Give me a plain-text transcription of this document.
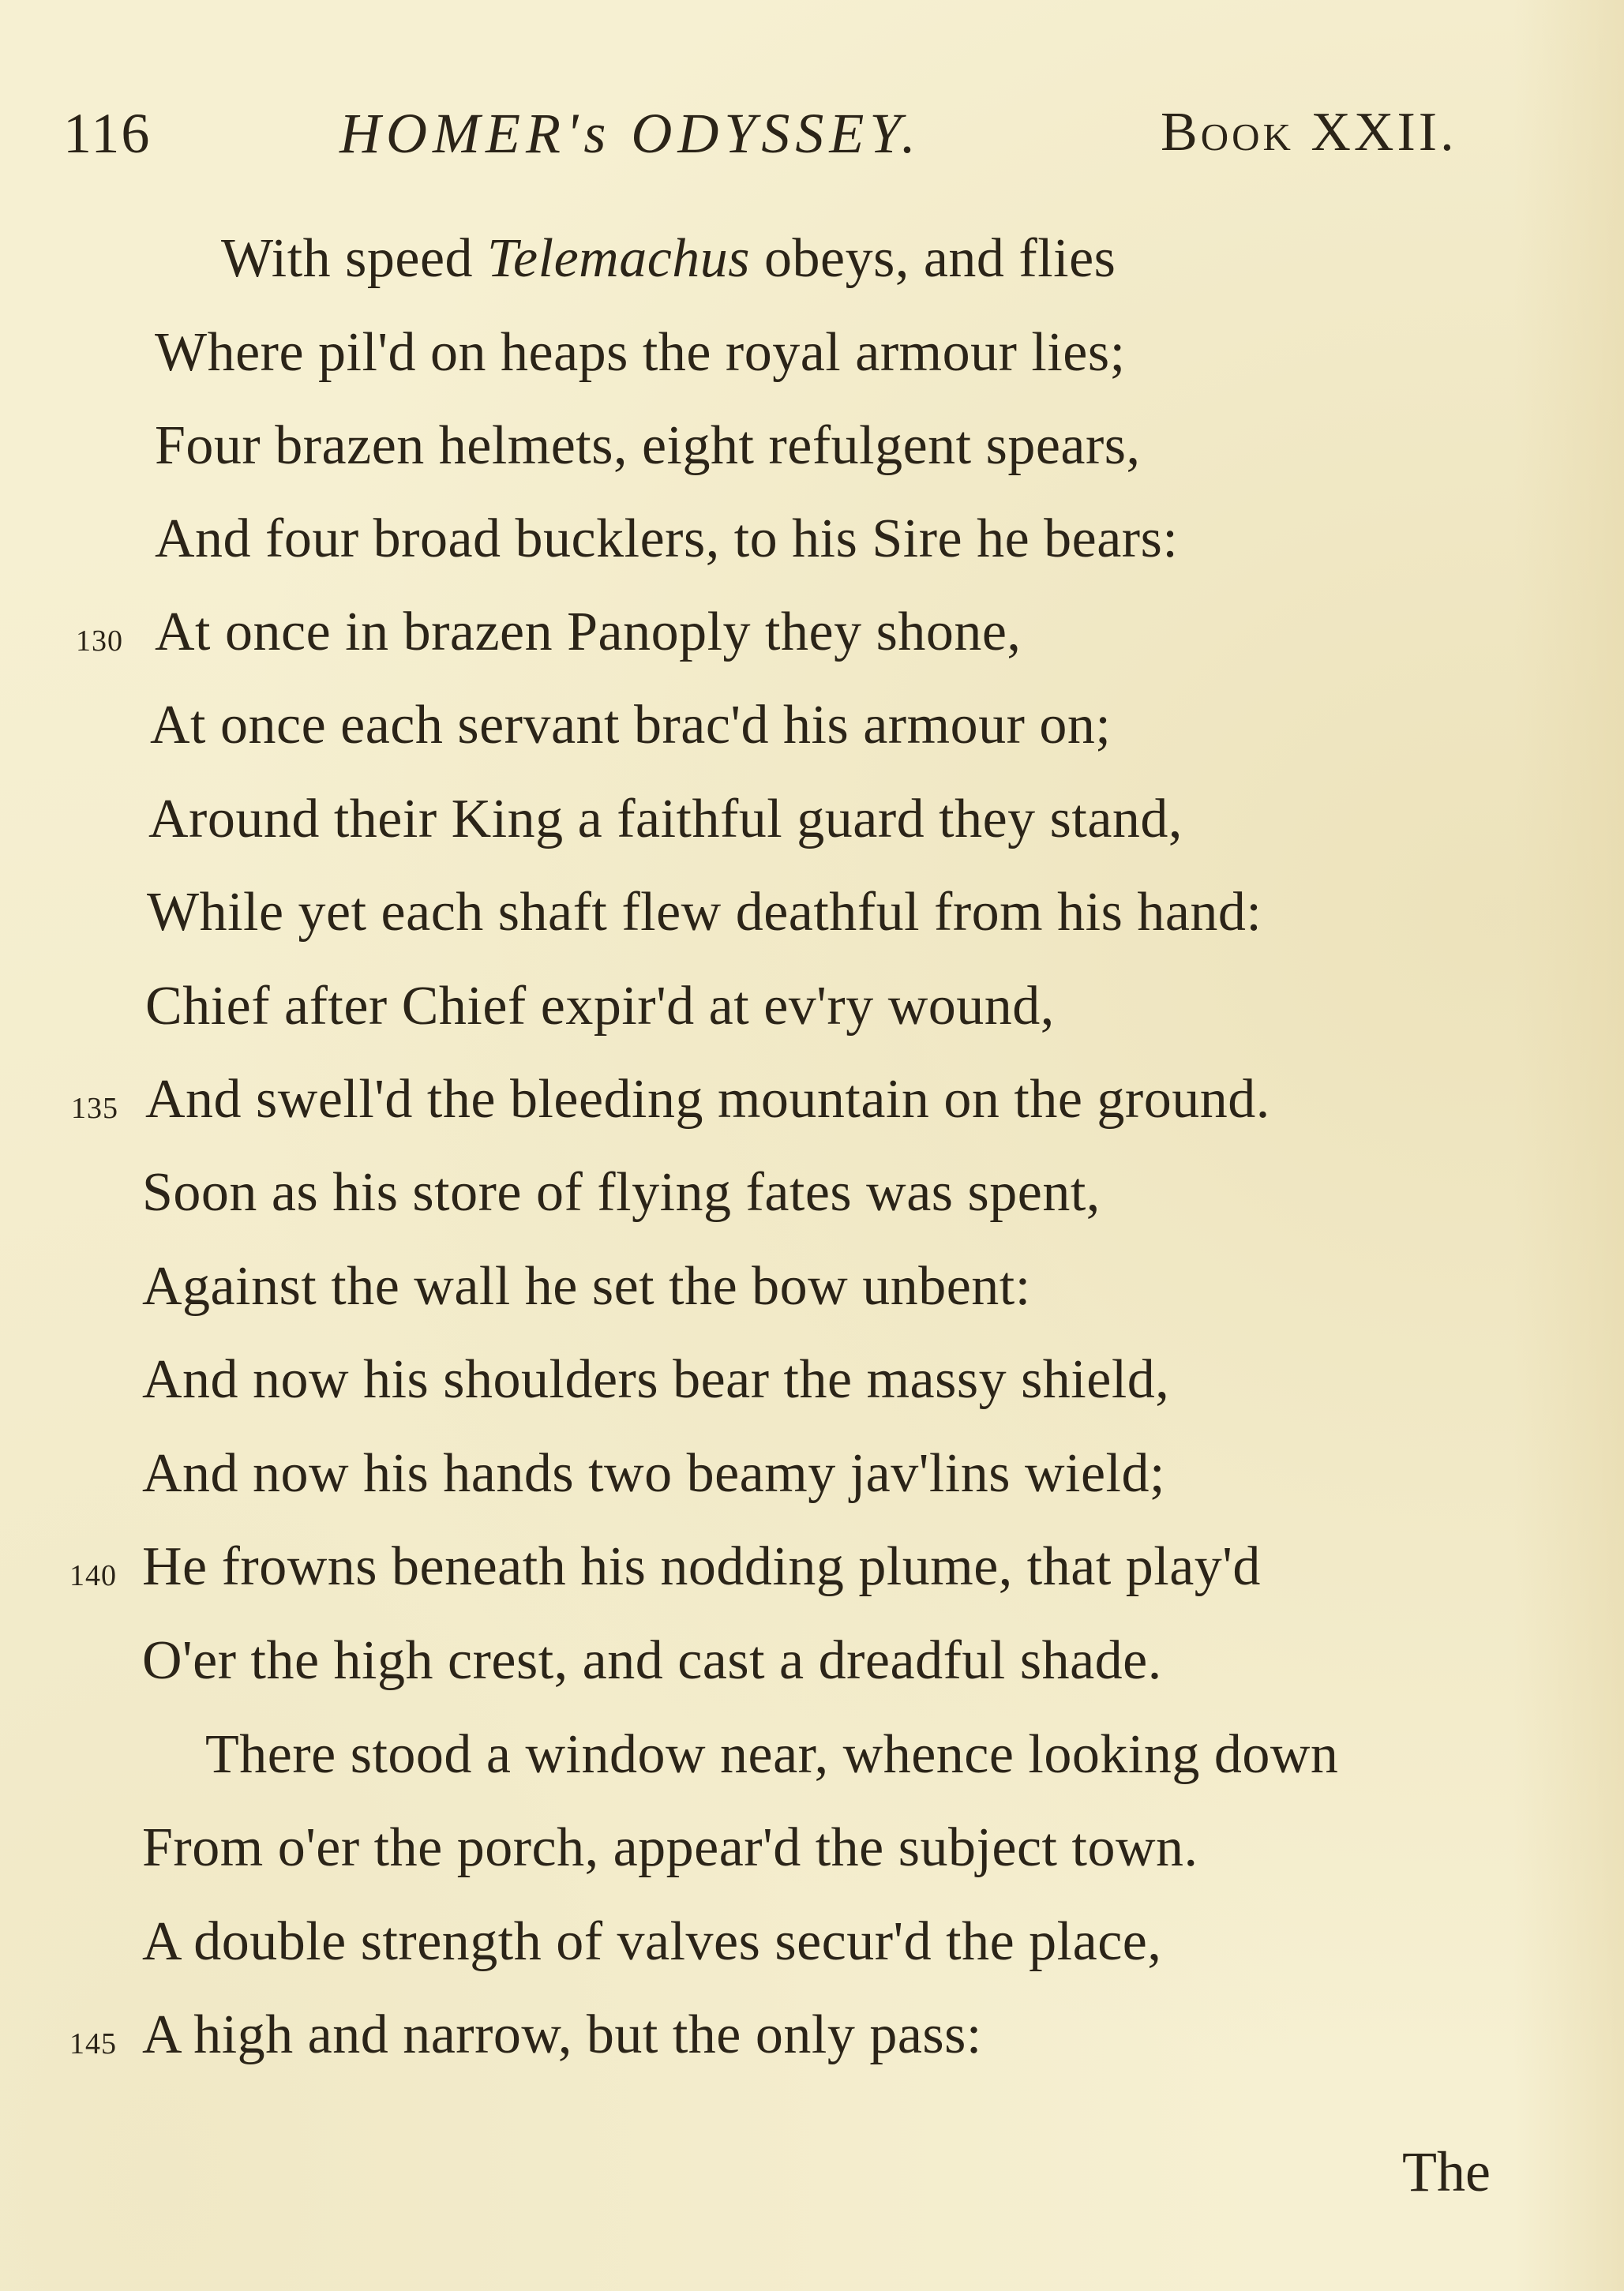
116	HOMER's ODYSSEY.	Book XXII.
With speed Telemachus obeys, and flies
Where pil'd on heaps the royal armour lies;
Four brazen helmets, eight refulgent spears,
And four broad bucklers, to his Sire he bears:
130 At once in brazen Panoply they shone,
At once each servant brac'd his armour on;
Around their King a faithful guard they stand,
While yet each shaft flew deathful from his hand:
Chief after Chief expir'd at ev'ry wound,
135 And swell'd the bleeding mountain on the ground.
Soon as his store of flying fates was spent,
Against the wall he set the bow unbent:
And now his shoulders bear the massy shield,
And now his hands two beamy jav'lins wield;
140 He frowns beneath his nodding plume, that play'd
O'er the high crest, and cast a dreadful shade.
There stood a window near, whence looking down
From o'er the porch, appear'd the subject town.
A double strength of valves secur'd the place,
145 A high and narrow, but the only pass:
The
